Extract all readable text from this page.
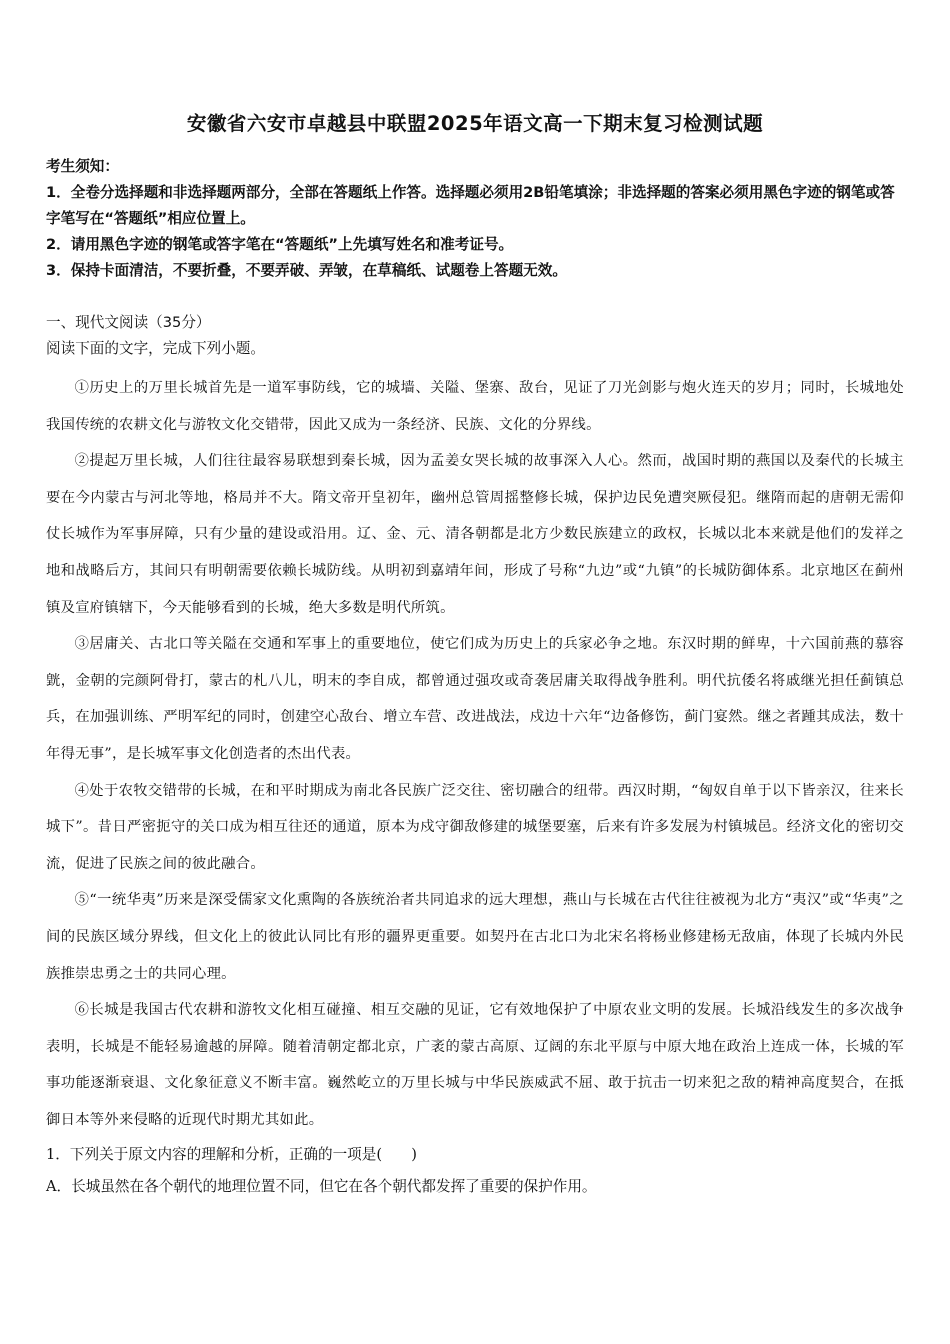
安徽省六安市卓越县中联盟2025年语文高一下期末复习检测试题

考生须知：

1．全卷分选择题和非选择题两部分，全部在答题纸上作答。选择题必须用2B铅笔填涂；非选择题的答案必须用黑色字迹的钢笔或答字笔写在“答题纸”相应位置上。

2．请用黑色字迹的钢笔或答字笔在“答题纸”上先填写姓名和准考证号。

3．保持卡面清洁，不要折叠，不要弄破、弄皱，在草稿纸、试题卷上答题无效。

一、现代文阅读（35分）

阅读下面的文字，完成下列小题。

①历史上的万里长城首先是一道军事防线，它的城墙、关隘、堡寨、敌台，见证了刀光剑影与炮火连天的岁月；同时，长城地处我国传统的农耕文化与游牧文化交错带，因此又成为一条经济、民族、文化的分界线。

②提起万里长城，人们往往最容易联想到秦长城，因为孟姜女哭长城的故事深入人心。然而，战国时期的燕国以及秦代的长城主要在今内蒙古与河北等地，格局并不大。隋文帝开皇初年，幽州总管周摇整修长城，保护边民免遭突厥侵犯。继隋而起的唐朝无需仰仗长城作为军事屏障，只有少量的建设或沿用。辽、金、元、清各朝都是北方少数民族建立的政权，长城以北本来就是他们的发祥之地和战略后方，其间只有明朝需要依赖长城防线。从明初到嘉靖年间，形成了号称“九边”或“九镇”的长城防御体系。北京地区在蓟州镇及宣府镇辖下，今天能够看到的长城，绝大多数是明代所筑。

③居庸关、古北口等关隘在交通和军事上的重要地位，使它们成为历史上的兵家必争之地。东汉时期的鲜卑，十六国前燕的慕容皝，金朝的完颜阿骨打，蒙古的札八儿，明末的李自成，都曾通过强攻或奇袭居庸关取得战争胜利。明代抗倭名将戚继光担任蓟镇总兵，在加强训练、严明军纪的同时，创建空心敌台、增立车营、改进战法，戍边十六年“边备修饬，蓟门宴然。继之者踵其成法，数十年得无事”，是长城军事文化创造者的杰出代表。

④处于农牧交错带的长城，在和平时期成为南北各民族广泛交往、密切融合的纽带。西汉时期，“匈奴自单于以下皆亲汉，往来长城下”。昔日严密扼守的关口成为相互往还的通道，原本为戍守御敌修建的城堡要塞，后来有许多发展为村镇城邑。经济文化的密切交流，促进了民族之间的彼此融合。

⑤“一统华夷”历来是深受儒家文化熏陶的各族统治者共同追求的远大理想，燕山与长城在古代往往被视为北方“夷汉”或“华夷”之间的民族区域分界线，但文化上的彼此认同比有形的疆界更重要。如契丹在古北口为北宋名将杨业修建杨无敌庙，体现了长城内外民族推崇忠勇之士的共同心理。

⑥长城是我国古代农耕和游牧文化相互碰撞、相互交融的见证，它有效地保护了中原农业文明的发展。长城沿线发生的多次战争表明，长城是不能轻易逾越的屏障。随着清朝定都北京，广袤的蒙古高原、辽阔的东北平原与中原大地在政治上连成一体，长城的军事功能逐渐衰退、文化象征意义不断丰富。巍然屹立的万里长城与中华民族威武不屈、敢于抗击一切来犯之敌的精神高度契合，在抵御日本等外来侵略的近现代时期尤其如此。

1．下列关于原文内容的理解和分析，正确的一项是(　　)

A．长城虽然在各个朝代的地理位置不同，但它在各个朝代都发挥了重要的保护作用。
